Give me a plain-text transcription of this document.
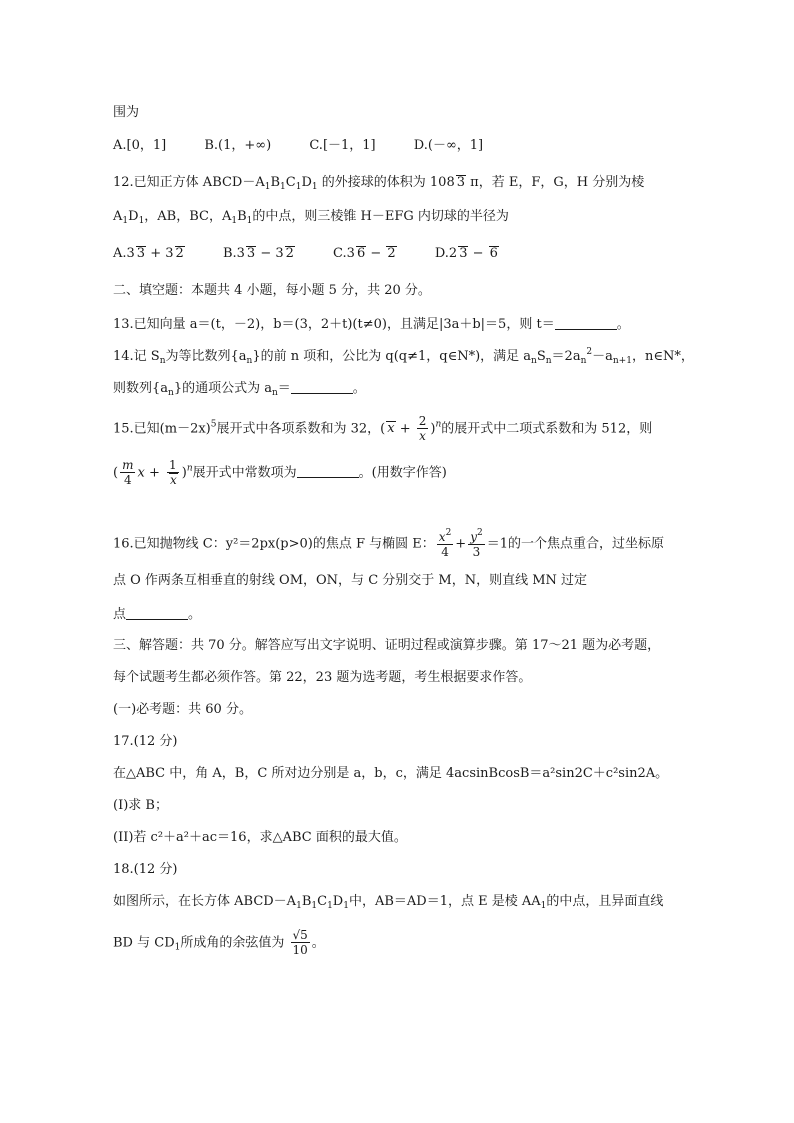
围为
A.[0，1]	B.(1，+∞)	C.[－1，1]	D.(－∞，1]
12.已知正方体 $ABCD-A_1B_1C_1D_1$ 的外接球的体积为 108 3 π，若 E，F，G，H 分别为棱
$A_1D_1$，AB，BC，$A_1B_1$的中点，则三棱锥 H－EFG 内切球的半径为
A.3 3 + 3 2	B.3 3 − 3 2	C.3 6 − 2	D.2 3 − 6
二、填空题：本题共 4 小题，每小题 5 分，共 20 分。
13.已知向量 a＝(t，－2)，b＝(3，2＋t)(t≠0)，且满足|3a＋b|＝5，则 t＝	。
14.记 $S_n$为等比数列$\{a_n\}$的前 n 项和，公比为 q(q≠1，q∈N*)，满足 $a_nS_n=2a_n^2-a_{n+1}$，n∈N*，
则数列$\{a_n\}$的通项公式为 $a_n=$	。
15.已知$(m-2x)^5$展开式中各项系数和为 32，( $x + \frac{2}{x} )^n$的展开式中二项式系数和为 512，则
( $\frac{m}{4}$ $x + \frac{1}{x} )^n$展开式中常数项为	。(用数字作答)
16.已知抛物线 C：y²＝2px(p>0)的焦点 F 与椭圆 E： $\frac{x^2}{4} + \frac{y^2}{3} =1$的一个焦点重合，过坐标原
点 O 作两条互相垂直的射线 OM，ON，与 C 分别交于 M，N，则直线 MN 过定
点	。
三、解答题：共 70 分。解答应写出文字说明、证明过程或演算步骤。第 17～21 题为必考题，
每个试题考生都必须作答。第 22，23 题为选考题，考生根据要求作答。
(一)必考题：共 60 分。
17.(12 分)
在△ABC 中，角 A，B，C 所对边分别是 a，b，c，满足 4acsinBcosB＝a²sin2C＋c²sin2A。
(I)求 B；
(II)若 c²＋a²＋ac＝16，求△ABC 面积的最大值。
18.(12 分)
如图所示，在长方体 $ABCD-A_1B_1C_1D_1$中，AB＝AD＝1，点 E 是棱 $AA_1$的中点，且异面直线
BD 与 $CD_1$所成角的余弦值为 $\frac{√5}{10}$ 。
